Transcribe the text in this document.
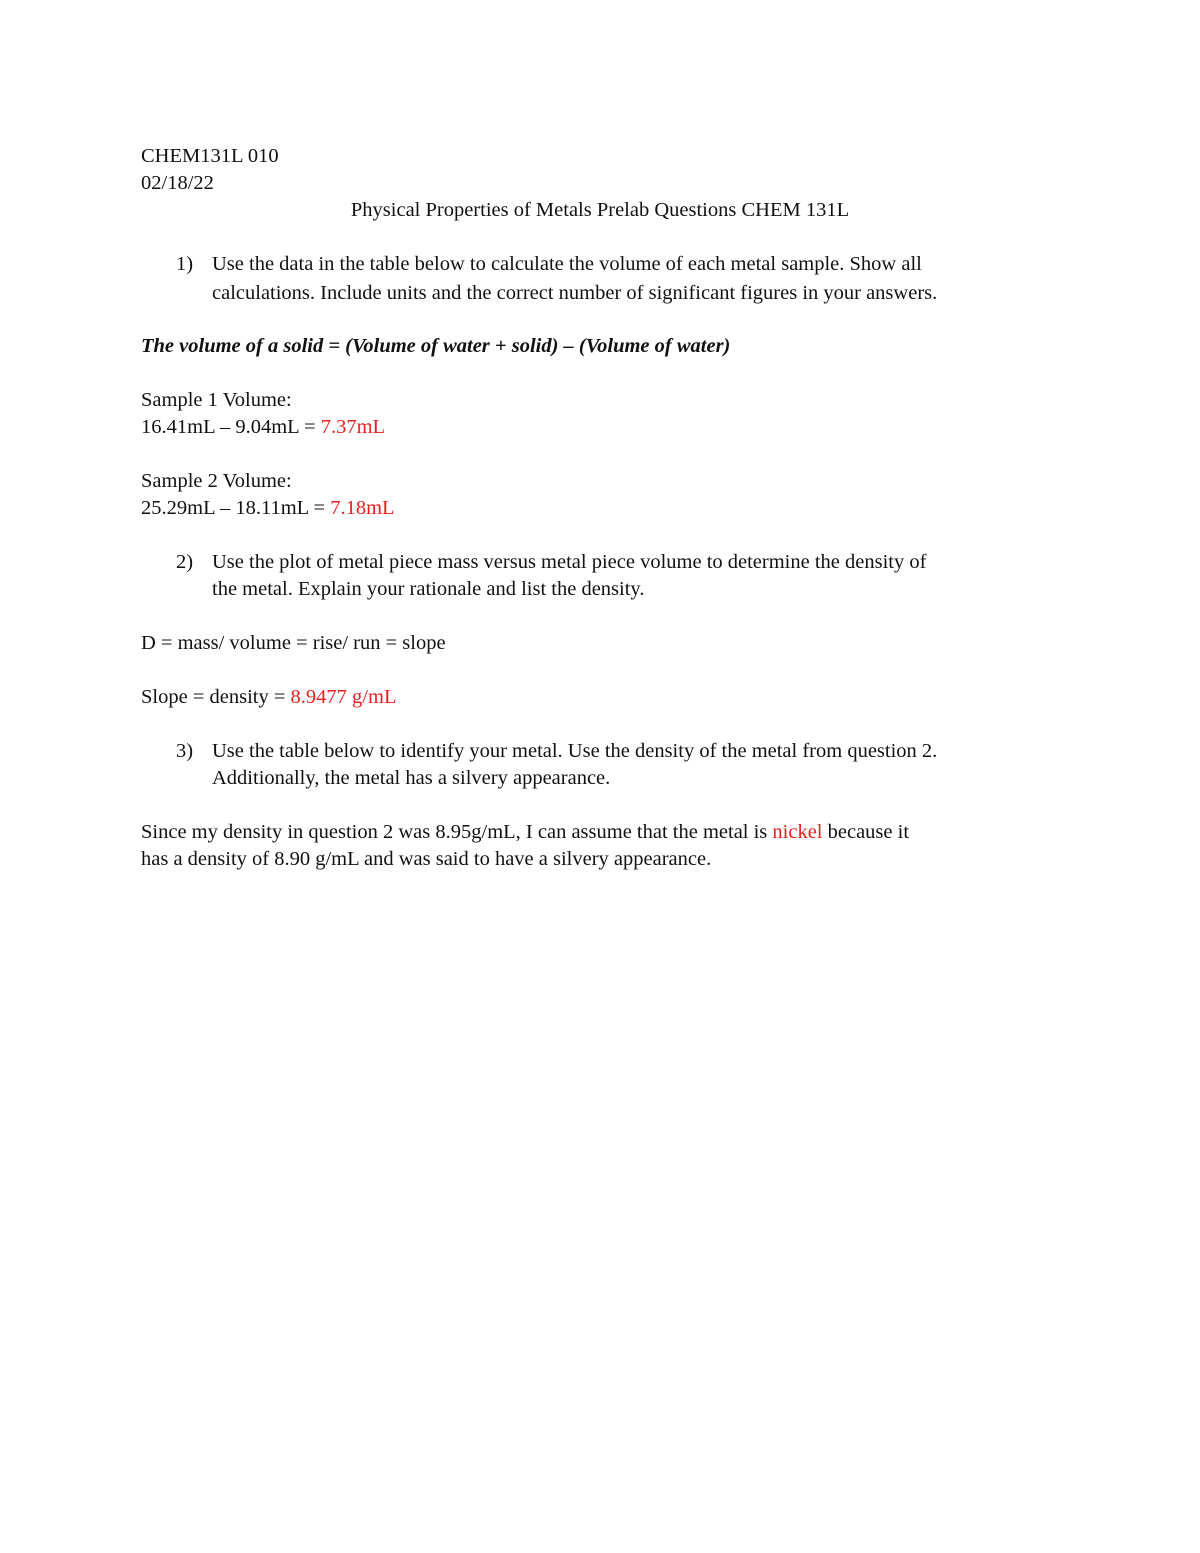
CHEM131L 010
02/18/22
Physical Properties of Metals Prelab Questions CHEM 131L
1) Use the data in the table below to calculate the volume of each metal sample. Show all
calculations. Include units and the correct number of significant figures in your answers.
The volume of a solid = (Volume of water + solid) – (Volume of water)
Sample 1 Volume:
16.41mL – 9.04mL = 7.37mL
Sample 2 Volume:
25.29mL – 18.11mL = 7.18mL
2) Use the plot of metal piece mass versus metal piece volume to determine the density of
the metal. Explain your rationale and list the density.
D = mass/ volume = rise/ run = slope
Slope = density = 8.9477 g/mL
3) Use the table below to identify your metal. Use the density of the metal from question 2.
Additionally, the metal has a silvery appearance.
Since my density in question 2 was 8.95g/mL, I can assume that the metal is nickel because it
has a density of 8.90 g/mL and was said to have a silvery appearance.
